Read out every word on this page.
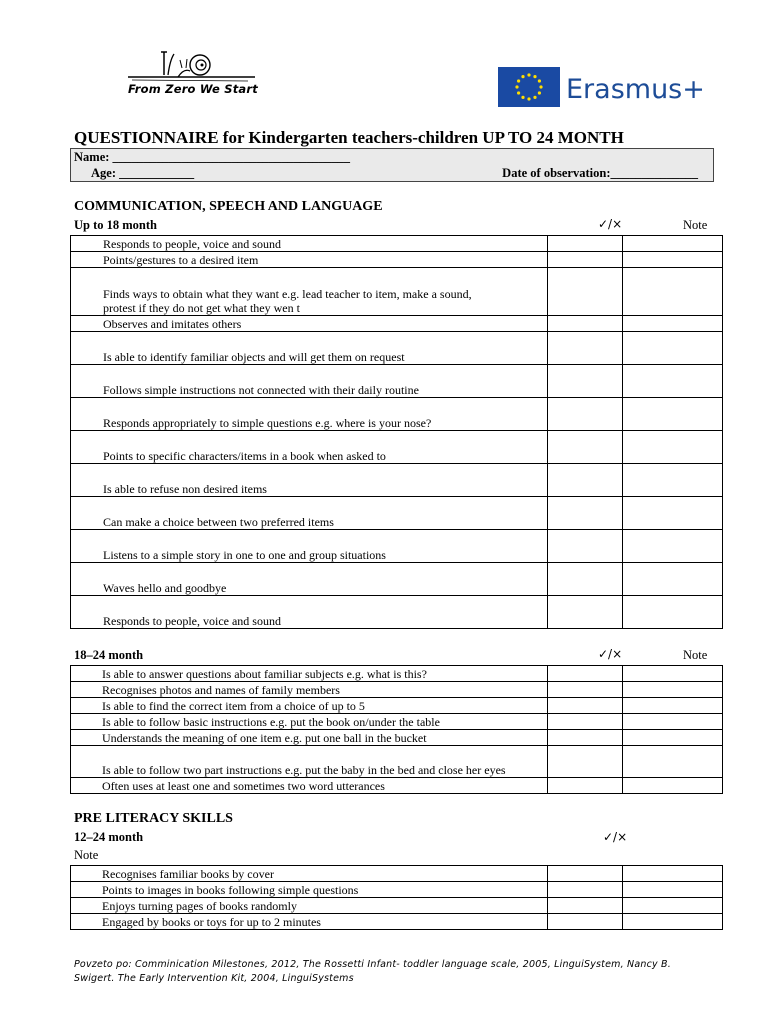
From Zero We Start	Erasmus+
QUESTIONNAIRE for Kindergarten teachers-children UP TO 24 MONTH
Name: ______________________________________
Age: ____________	Date of observation:______________
COMMUNICATION, SPEECH AND LANGUAGE
Up to 18 month	✓/×	Note
Responds to people, voice and sound		
Points/gestures to a desired item		
Finds ways to obtain what they want e.g. lead teacher to item, make a sound, protest if they do not get what they wen t		
Observes and imitates others		
Is able to identify familiar objects and will get them on request		
Follows simple instructions not connected with their daily routine		
Responds appropriately to simple questions e.g. where is your nose?		
Points to specific characters/items in a book when asked to		
Is able to refuse non desired items		
Can make a choice between two preferred items		
Listens to a simple story in one to one and group situations		
Waves hello and goodbye		
Responds to people, voice and sound		
18–24 month	✓/×	Note
Is able to answer questions about familiar subjects e.g. what is this?		
Recognises photos and names of family members		
Is able to find the correct item from a choice of up to 5		
Is able to follow basic instructions e.g. put the book on/under the table		
Understands the meaning of one item e.g. put one ball in the bucket		
Is able to follow two part instructions e.g. put the baby in the bed and close her eyes		
Often uses at least one and sometimes two word utterances		
PRE LITERACY SKILLS
12–24 month	✓/×
Note
Recognises familiar books by cover		
Points to images in books following simple questions		
Enjoys turning pages of books randomly		
Engaged by books or toys for up to 2 minutes		
Povzeto po: Comminication Milestones, 2012, The Rossetti Infant- toddler language scale, 2005, LinguiSystem, Nancy B. Swigert. The Early Intervention Kit, 2004, LinguiSystems
